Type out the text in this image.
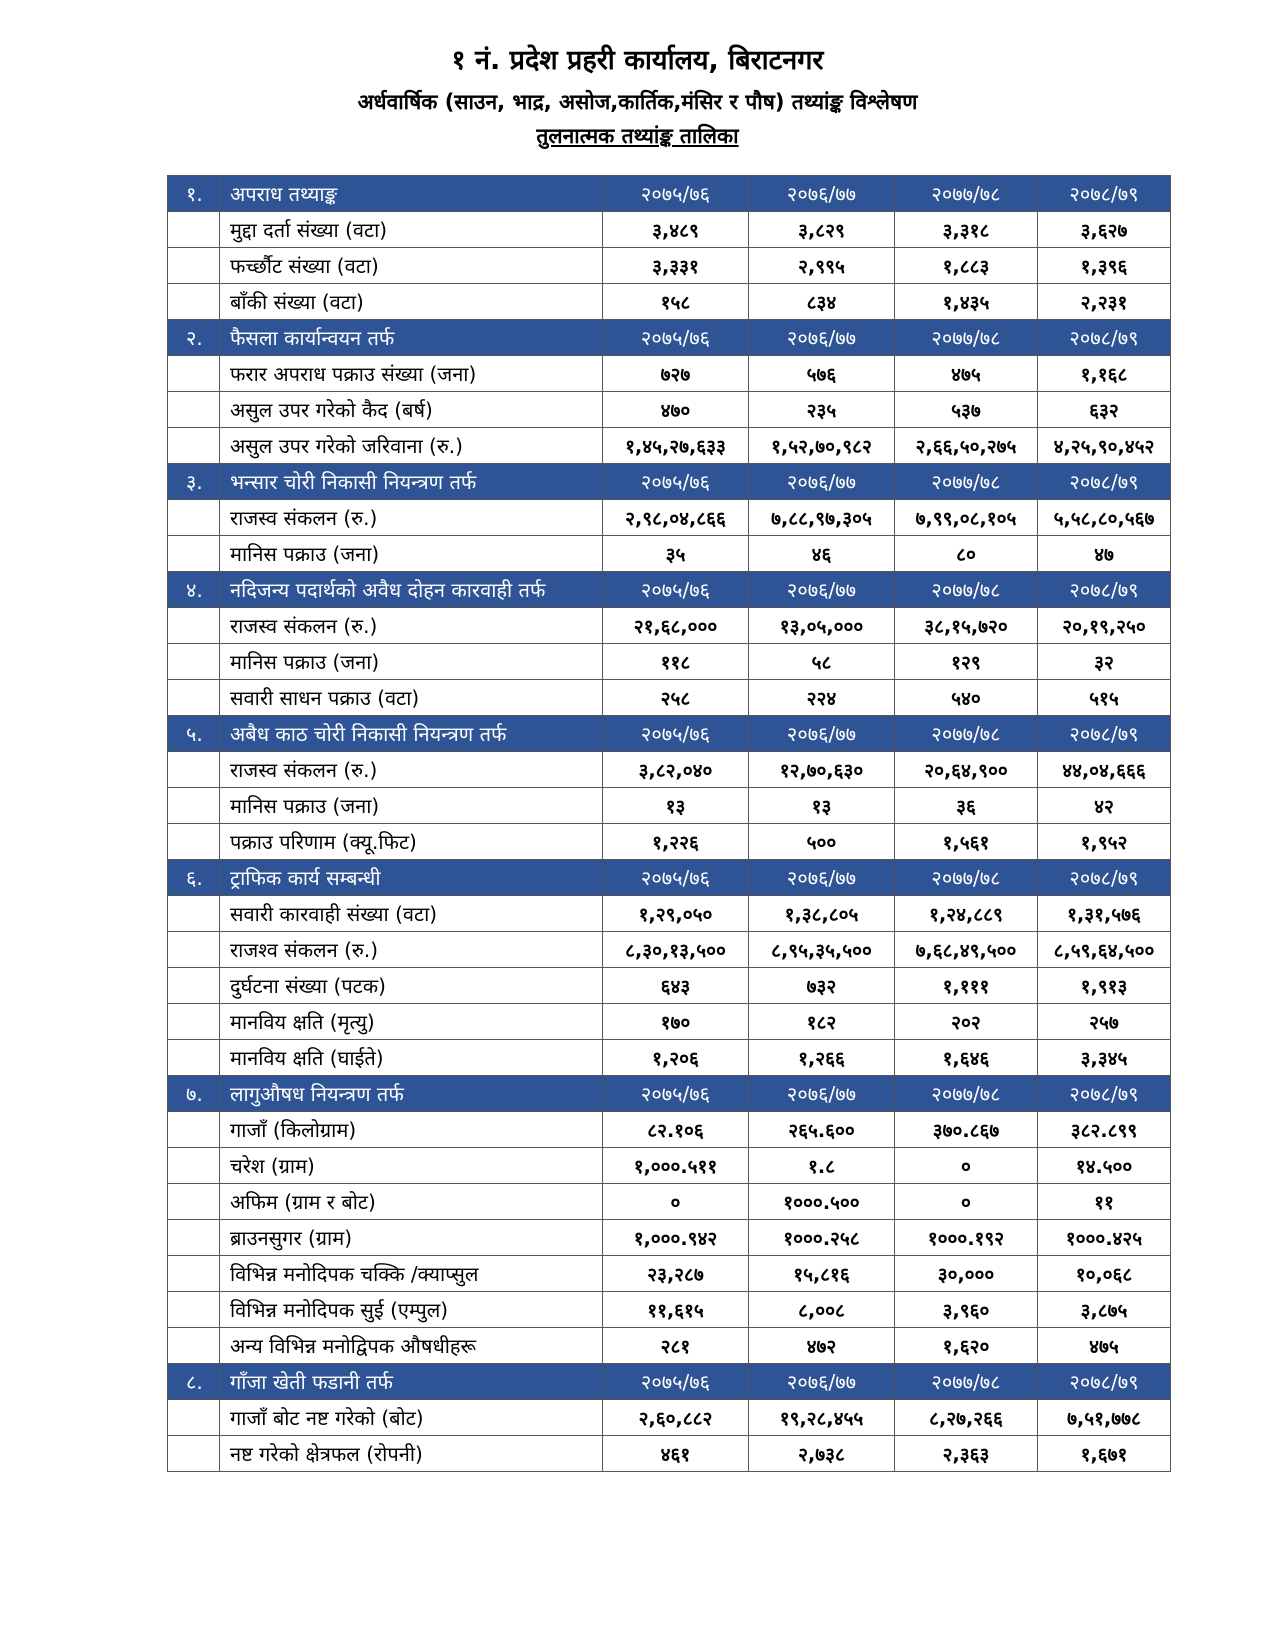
१ नं. प्रदेश प्रहरी कार्यालय, बिराटनगर
अर्धवार्षिक (साउन, भाद्र, असोज,कार्तिक,मंसिर र पौष) तथ्यांङ्क विश्लेषण
तुलनात्मक तथ्यांङ्क तालिका
१.	अपराध तथ्याङ्क	२०७५/७६	२०७६/७७	२०७७/७८	२०७८/७९
	मुद्दा दर्ता संख्या (वटा)	३,४८९	३,८२९	३,३१८	३,६२७
	फर्च्छौट संख्या (वटा)	३,३३१	२,९९५	१,८८३	१,३९६
	बाँकी संख्या (वटा)	१५८	८३४	१,४३५	२,२३१
२.	फैसला कार्यान्वयन तर्फ	२०७५/७६	२०७६/७७	२०७७/७८	२०७८/७९
	फरार अपराध पक्राउ संख्या (जना)	७२७	५७६	४७५	१,१६८
	असुल उपर गरेको कैद (बर्ष)	४७०	२३५	५३७	६३२
	असुल उपर गरेको जरिवाना (रु.)	१,४५,२७,६३३	१,५२,७०,९८२	२,६६,५०,२७५	४,२५,९०,४५२
३.	भन्सार चोरी निकासी नियन्त्रण तर्फ	२०७५/७६	२०७६/७७	२०७७/७८	२०७८/७९
	राजस्व संकलन (रु.)	२,९८,०४,८६६	७,८८,९७,३०५	७,९९,०८,१०५	५,५८,८०,५६७
	मानिस पक्राउ (जना)	३५	४६	८०	४७
४.	नदिजन्य पदार्थको अवैध दोहन कारवाही तर्फ	२०७५/७६	२०७६/७७	२०७७/७८	२०७८/७९
	राजस्व संकलन (रु.)	२१,६८,०००	१३,०५,०००	३८,१५,७२०	२०,१९,२५०
	मानिस पक्राउ (जना)	११८	५८	१२९	३२
	सवारी साधन पक्राउ (वटा)	२५८	२२४	५४०	५१५
५.	अबैध काठ चोरी निकासी नियन्त्रण तर्फ	२०७५/७६	२०७६/७७	२०७७/७८	२०७८/७९
	राजस्व संकलन (रु.)	३,८२,०४०	१२,७०,६३०	२०,६४,९००	४४,०४,६६६
	मानिस पक्राउ (जना)	१३	१३	३६	४२
	पक्राउ परिणाम (क्यू.फिट)	१,२२६	५००	१,५६१	१,९५२
६.	ट्राफिक कार्य सम्बन्धी	२०७५/७६	२०७६/७७	२०७७/७८	२०७८/७९
	सवारी कारवाही संख्या (वटा)	१,२९,०५०	१,३८,८०५	१,२४,८८९	१,३१,५७६
	राजश्व संकलन (रु.)	८,३०,१३,५००	८,९५,३५,५००	७,६८,४९,५००	८,५९,६४,५००
	दुर्घटना संख्या (पटक)	६४३	७३२	१,१११	१,९१३
	मानविय क्षति (मृत्यु)	१७०	१८२	२०२	२५७
	मानविय क्षति (घाईते)	१,२०६	१,२६६	१,६४६	३,३४५
७.	लागुऔषध नियन्त्रण तर्फ	२०७५/७६	२०७६/७७	२०७७/७८	२०७८/७९
	गाजाँ (किलोग्राम)	८२.१०६	२६५.६००	३७०.८६७	३८२.८९९
	चरेश (ग्राम)	१,०००.५११	१.८	०	१४.५००
	अफिम (ग्राम र बोट)	०	१०००.५००	०	११
	ब्राउनसुगर (ग्राम)	१,०००.९४२	१०००.२५८	१०००.१९२	१०००.४२५
	विभिन्न मनोदिपक चक्कि /क्याप्सुल	२३,२८७	१५,८१६	३०,०००	१०,०६८
	विभिन्न मनोदिपक सुई (एम्पुल)	११,६१५	८,००८	३,९६०	३,८७५
	अन्य विभिन्न मनोद्विपक औषधीहरू	२८१	४७२	१,६२०	४७५
८.	गाँजा खेती फडानी तर्फ	२०७५/७६	२०७६/७७	२०७७/७८	२०७८/७९
	गाजाँ बोट नष्ट गरेको (बोट)	२,६०,८८२	१९,२८,४५५	८,२७,२६६	७,५१,७७८
	नष्ट गरेको क्षेत्रफल (रोपनी)	४६१	२,७३८	२,३६३	१,६७१
